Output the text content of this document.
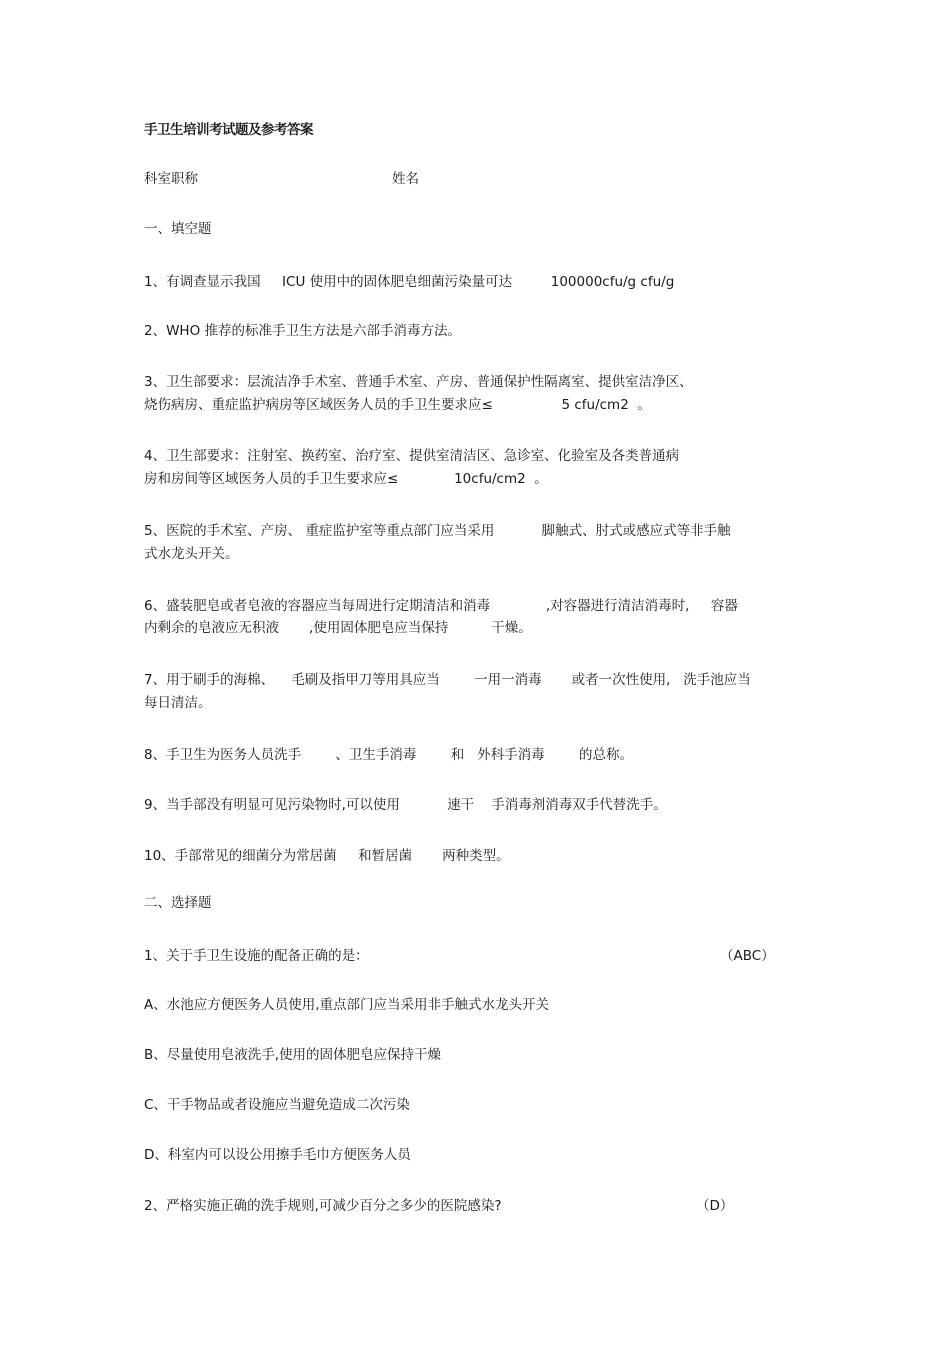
手卫生培训考试题及参考答案
科室职称	姓名
一、填空题
1、有调查显示我国     ICU 使用中的固体肥皂细菌污染量可达         100000cfu/g cfu/g
2、WHO 推荐的标准手卫生方法是六部手消毒方法。
3、卫生部要求：层流洁净手术室、普通手术室、产房、普通保护性隔离室、提供室洁净区、
烧伤病房、重症监护病房等区域医务人员的手卫生要求应≤                5 cfu/cm2  。
4、卫生部要求：注射室、换药室、治疗室、提供室清洁区、急诊室、化验室及各类普通病
房和房间等区域医务人员的手卫生要求应≤             10cfu/cm2  。
5、医院的手术室、产房、 重症监护室等重点部门应当采用           脚触式、肘式或感应式等非手触
式水龙头开关。
6、盛装肥皂或者皂液的容器应当每周进行定期清洁和消毒             ,对容器进行清洁消毒时,     容器
内剩余的皂液应无积液       ,使用固体肥皂应当保持          干燥。
7、用于刷手的海棉、    毛刷及指甲刀等用具应当        一用一消毒       或者一次性使用,   洗手池应当
每日清洁。
8、手卫生为医务人员洗手        、卫生手消毒        和   外科手消毒        的总称。
9、当手部没有明显可见污染物时,可以使用           速干    手消毒剂消毒双手代替洗手。
10、手部常见的细菌分为常居菌     和暂居菌       两种类型。
二、选择题
1、关于手卫生设施的配备正确的是：	（ABC）
A、水池应方便医务人员使用,重点部门应当采用非手触式水龙头开关
B、尽量使用皂液洗手,使用的固体肥皂应保持干燥
C、干手物品或者设施应当避免造成二次污染
D、科室内可以设公用擦手毛巾方便医务人员
2、严格实施正确的洗手规则,可减少百分之多少的医院感染?	（D）
